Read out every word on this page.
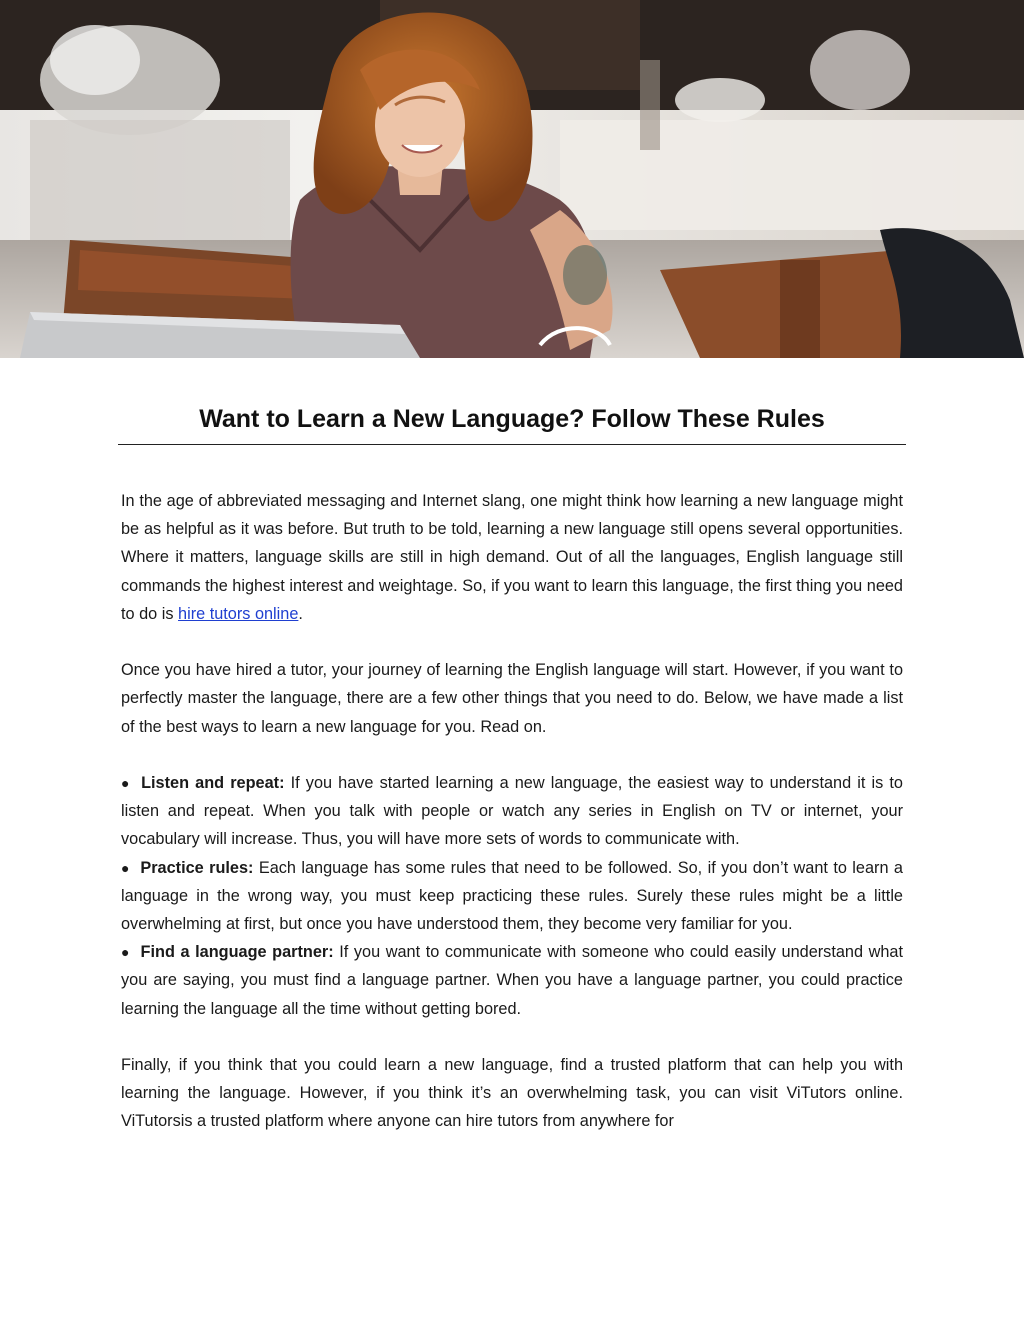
Want to Learn a New Language? Follow These Rules

In the age of abbreviated messaging and Internet slang, one might think how learning a new language might be as helpful as it was before. But truth to be told, learning a new language still opens several opportunities. Where it matters, language skills are still in high demand. Out of all the languages, English language still commands the highest interest and weightage. So, if you want to learn this language, the first thing you need to do is hire tutors online.

Once you have hired a tutor, your journey of learning the English language will start. However, if you want to perfectly master the language, there are a few other things that you need to do. Below, we have made a list of the best ways to learn a new language for you. Read on.

● Listen and repeat: If you have started learning a new language, the easiest way to understand it is to listen and repeat. When you talk with people or watch any series in English on TV or internet, your vocabulary will increase. Thus, you will have more sets of words to communicate with.

● Practice rules: Each language has some rules that need to be followed. So, if you don’t want to learn a language in the wrong way, you must keep practicing these rules. Surely these rules might be a little overwhelming at first, but once you have understood them, they become very familiar for you.

● Find a language partner: If you want to communicate with someone who could easily understand what you are saying, you must find a language partner. When you have a language partner, you could practice learning the language all the time without getting bored.

Finally, if you think that you could learn a new language, find a trusted platform that can help you with learning the language. However, if you think it’s an overwhelming task, you can visit ViTutors online. ViTutorsis a trusted platform where anyone can hire tutors from anywhere for
